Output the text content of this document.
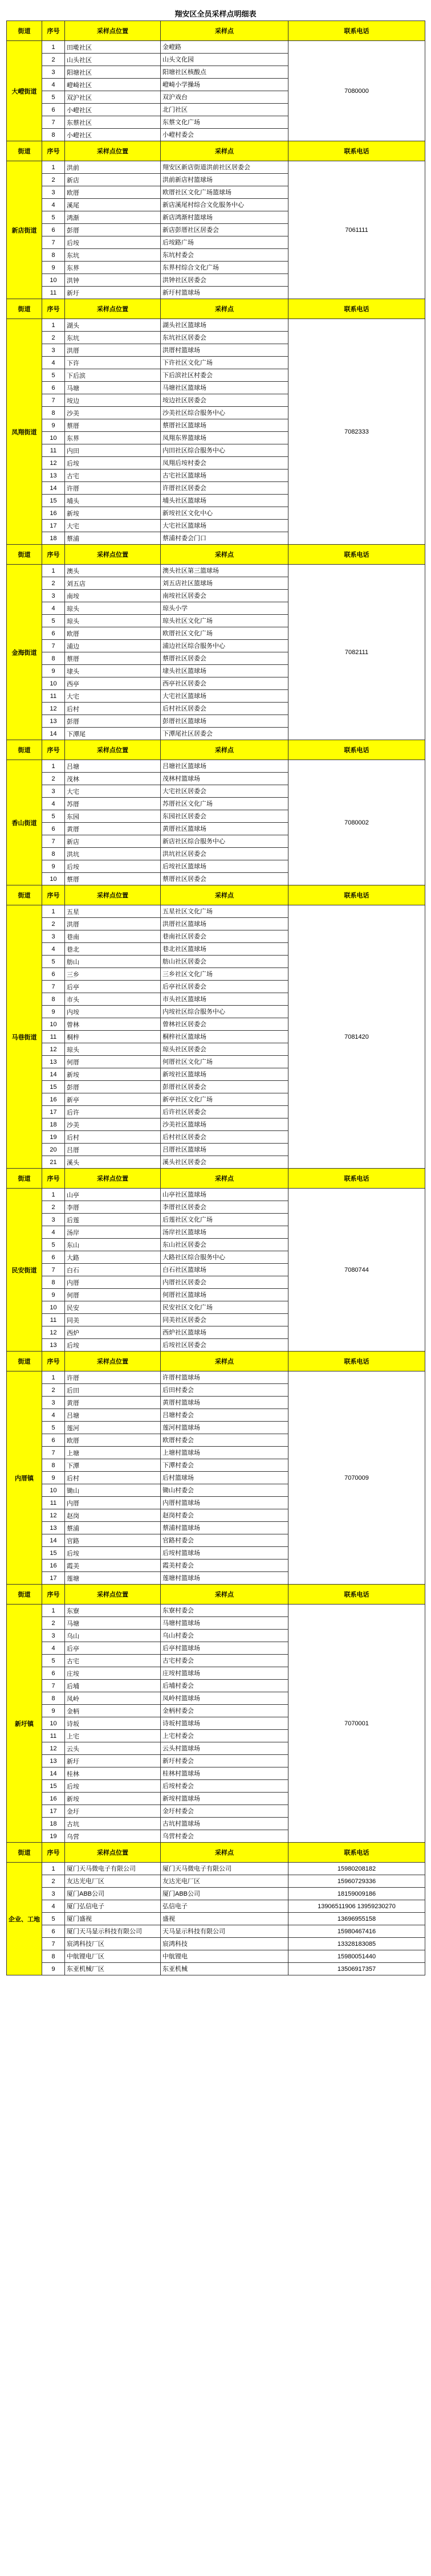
翔安区全员采样点明细表
街道	序号	采样点位置	采样点	联系电话
大嶝街道	1	田墘社区	金嶝路	7080000
	2	山头社区	山头文化园	
	3	阳塘社区	阳塘社区核酸点	
	4	嶝崎社区	嶝崎小学操场	
	5	双沪社区	双沪戏台	
	6	小嶝社区	北门社区	
	7	东蔡社区	东蔡文化广场	
	8	小嶝社区	小嶝村委会	
街道	序号	采样点位置	采样点	联系电话
新店街道	1	洪前	翔安区新店街道洪前社区居委会	7061111
	2	新店	洪前新店村篮球场	
	3	欧厝	欧厝社区文化广场篮球场	
	4	溪尾	新店溪尾村综合文化服务中心	
	5	鸿渐	新店鸿渐村篮球场	
	6	彭厝	新店彭厝社区居委会	
	7	后垵	后垵路广场	
	8	东坑	东坑村委会	
	9	东界	东界村综合文化广场	
	10	洪钟	洪钟社区居委会	
	11	新圩	新圩村篮球场	
街道	序号	采样点位置	采样点	联系电话
凤翔街道	1	湖头	湖头社区篮球场	7082333
	2	东坑	东坑社区居委会	
	3	洪厝	洪厝村篮球场	
	4	下许	下许社区文化广场	
	5	下后滨	下后滨社区村委会	
	6	马塘	马塘社区篮球场	
	7	垵边	垵边社区居委会	
	8	沙美	沙美社区综合服务中心	
	9	蔡厝	蔡厝社区篮球场	
	10	东界	凤翔东界篮球场	
	11	内田	内田社区综合服务中心	
	12	后垵	凤翔后垵村委会	
	13	古宅	古宅社区篮球场	
	14	许厝	许厝社区居委会	
	15	埔头	埔头社区篮球场	
	16	新垵	新垵社区文化中心	
	17	大宅	大宅社区篮球场	
	18	蔡浦	蔡浦村委会门口	
街道	序号	采样点位置	采样点	联系电话
金海街道	1	澳头	澳头社区第三篮球场	7082111
	2	刘五店	刘五店社区篮球场	
	3	南垵	南垵社区居委会	
	4	琼头	琼头小学	
	5	琼头	琼头社区文化广场	
	6	欧厝	欧厝社区文化广场	
	7	浦边	浦边社区综合服务中心	
	8	蔡厝	蔡厝社区居委会	
	9	埭头	埭头社区篮球场	
	10	西亭	西亭社区居委会	
	11	大宅	大宅社区篮球场	
	12	后村	后村社区居委会	
	13	彭厝	彭厝社区篮球场	
	14	下潭尾	下潭尾社区居委会	
街道	序号	采样点位置	采样点	联系电话
香山街道	1	吕塘	吕塘社区篮球场	7080002
	2	茂林	茂林村篮球场	
	3	大宅	大宅社区居委会	
	4	苏厝	苏厝社区文化广场	
	5	东园	东园社区居委会	
	6	黄厝	黄厝社区篮球场	
	7	新店	新店社区综合服务中心	
	8	洪坑	洪坑社区居委会	
	9	后垵	后垵社区篮球场	
	10	蔡厝	蔡厝社区居委会	
街道	序号	采样点位置	采样点	联系电话
马巷街道	1	五星	五星社区文化广场	7081420
	2	洪厝	洪厝社区篮球场	
	3	巷南	巷南社区居委会	
	4	巷北	巷北社区篮球场	
	5	舫山	舫山社区居委会	
	6	三乡	三乡社区文化广场	
	7	后亭	后亭社区居委会	
	8	市头	市头社区篮球场	
	9	内垵	内垵社区综合服务中心	
	10	曾林	曾林社区居委会	
	11	桐梓	桐梓社区篮球场	
	12	琼头	琼头社区居委会	
	13	何厝	何厝社区文化广场	
	14	新垵	新垵社区篮球场	
	15	彭厝	彭厝社区居委会	
	16	新亭	新亭社区文化广场	
	17	后许	后许社区居委会	
	18	沙美	沙美社区篮球场	
	19	后村	后村社区居委会	
	20	吕厝	吕厝社区篮球场	
	21	溪头	溪头社区居委会	
街道	序号	采样点位置	采样点	联系电话
民安街道	1	山亭	山亭社区篮球场	7080744
	2	李厝	李厝社区居委会	
	3	后莲	后莲社区文化广场	
	4	汤岸	汤岸社区篮球场	
	5	东山	东山社区居委会	
	6	大路	大路社区综合服务中心	
	7	白石	白石社区篮球场	
	8	内厝	内厝社区居委会	
	9	何厝	何厝社区篮球场	
	10	民安	民安社区文化广场	
	11	同美	同美社区居委会	
	12	西炉	西炉社区篮球场	
	13	后垵	后垵社区居委会	
街道	序号	采样点位置	采样点	联系电话
内厝镇	1	许厝	许厝村篮球场	7070009
	2	后田	后田村委会	
	3	黄厝	黄厝村篮球场	
	4	吕塘	吕塘村委会	
	5	莲河	莲河村篮球场	
	6	欧厝	欧厝村委会	
	7	上塘	上塘村篮球场	
	8	下潭	下潭村委会	
	9	后村	后村篮球场	
	10	锄山	锄山村委会	
	11	内厝	内厝村篮球场	
	12	赵岗	赵岗村委会	
	13	蔡浦	蔡浦村篮球场	
	14	官路	官路村委会	
	15	后垵	后垵村篮球场	
	16	霞美	霞美村委会	
	17	莲塘	莲塘村篮球场	
街道	序号	采样点位置	采样点	联系电话
新圩镇	1	东寮	东寮村委会	7070001
	2	马塘	马塘村篮球场	
	3	乌山	乌山村委会	
	4	后亭	后亭村篮球场	
	5	古宅	古宅村委会	
	6	庄垵	庄垵村篮球场	
	7	后埔	后埔村委会	
	8	凤岭	凤岭村篮球场	
	9	金柄	金柄村委会	
	10	诗坂	诗坂村篮球场	
	11	上宅	上宅村委会	
	12	云头	云头村篮球场	
	13	新圩	新圩村委会	
	14	桂林	桂林村篮球场	
	15	后垵	后垵村委会	
	16	新垵	新垵村篮球场	
	17	金圩	金圩村委会	
	18	古坑	古坑村篮球场	
	19	乌营	乌营村委会	
街道	序号	采样点位置	采样点	联系电话
企业、工地	1	厦门天马微电子有限公司	厦门天马微电子有限公司	15980208182
	2	友达光电厂区	友达光电厂区	15960729336
	3	厦门ABB公司	厦门ABB公司	18159009186
	4	厦门弘信电子	弘信电子	13906511906 13959230270
	5	厦门盛视	盛视	13696955158
	6	厦门天马显示科技有限公司	天马显示科技有限公司	15980467416
	7	宸鸿科技厂区	宸鸿科技	13328183085
	8	中航锂电厂区	中航锂电	15980051440
	9	东亚机械厂区	东亚机械	13506917357
